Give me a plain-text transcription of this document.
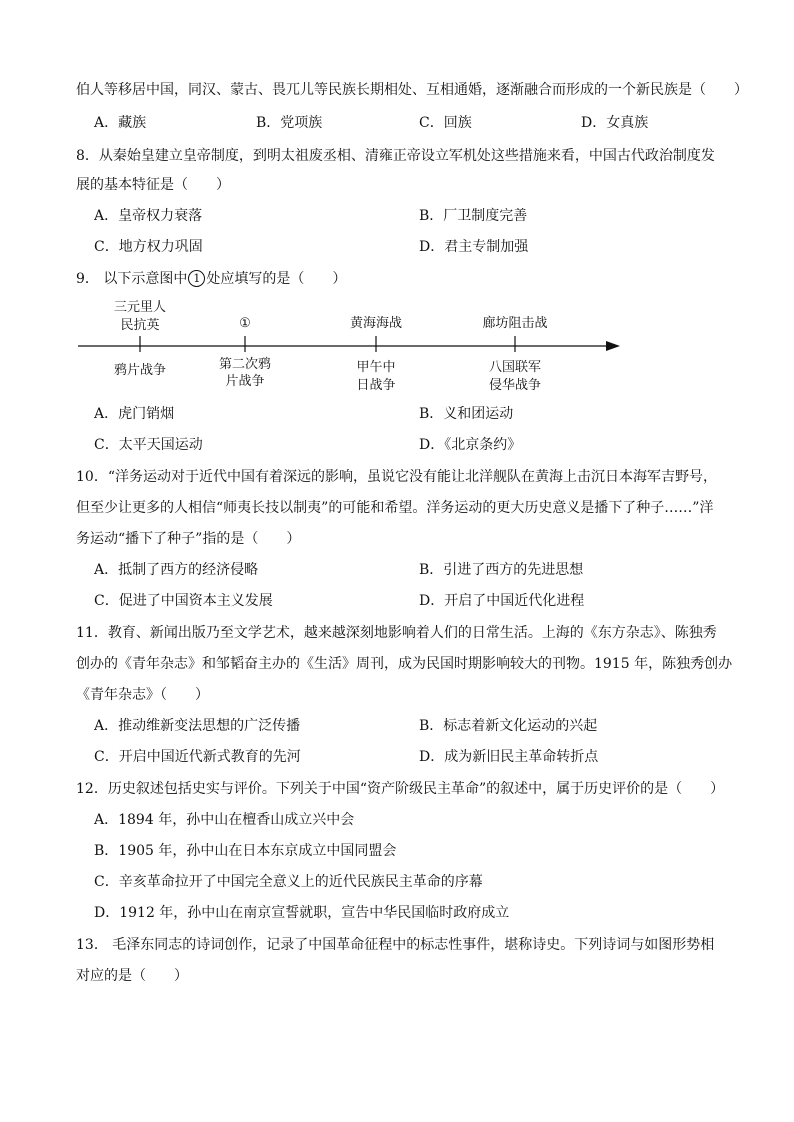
伯人等移居中国，同汉、蒙古、畏兀儿等民族长期相处、互相通婚，逐渐融合而形成的一个新民族是（　　）
A．藏族	B．党项族	C．回族	D．女真族
8．从秦始皇建立皇帝制度，到明太祖废丞相、清雍正帝设立军机处这些措施来看，中国古代政治制度发
展的基本特征是（　　）
A．皇帝权力衰落	B．厂卫制度完善
C．地方权力巩固	D．君主专制加强
9． 以下示意图中 1 处应填写的是（　　）
三元里人
民抗英	①	黄海海战	廊坊阻击战
鸦片战争	第二次鸦
片战争
甲午中
日战争
八国联军
侵华战争
A．虎门销烟	B．义和团运动
C．太平天国运动	D．《北京条约》
10．“洋务运动对于近代中国有着深远的影响，虽说它没有能让北洋舰队在黄海上击沉日本海军吉野号，
但至少让更多的人相信“师夷长技以制夷”的可能和希望。洋务运动的更大历史意义是播下了种子……”洋
务运动“播下了种子”指的是（　　）
A．抵制了西方的经济侵略	B．引进了西方的先进思想
C．促进了中国资本主义发展	D．开启了中国近代化进程
11．教育、新闻出版乃至文学艺术，越来越深刻地影响着人们的日常生活。上海的《东方杂志》、陈独秀
创办的《青年杂志》和邹韬奋主办的《生活》周刊，成为民国时期影响较大的刊物。1915 年，陈独秀创办
《青年杂志》（　　）
A．推动维新变法思想的广泛传播	B．标志着新文化运动的兴起
C．开启中国近代新式教育的先河	D．成为新旧民主革命转折点
12．历史叙述包括史实与评价。下列关于中国“资产阶级民主革命”的叙述中，属于历史评价的是（　　）
A．1894 年，孙中山在檀香山成立兴中会
B．1905 年，孙中山在日本东京成立中国同盟会
C．辛亥革命拉开了中国完全意义上的近代民族民主革命的序幕
D．1912 年，孙中山在南京宣誓就职，宣告中华民国临时政府成立
13． 毛泽东同志的诗词创作，记录了中国革命征程中的标志性事件，堪称诗史。下列诗词与如图形势相
对应的是（　　）
